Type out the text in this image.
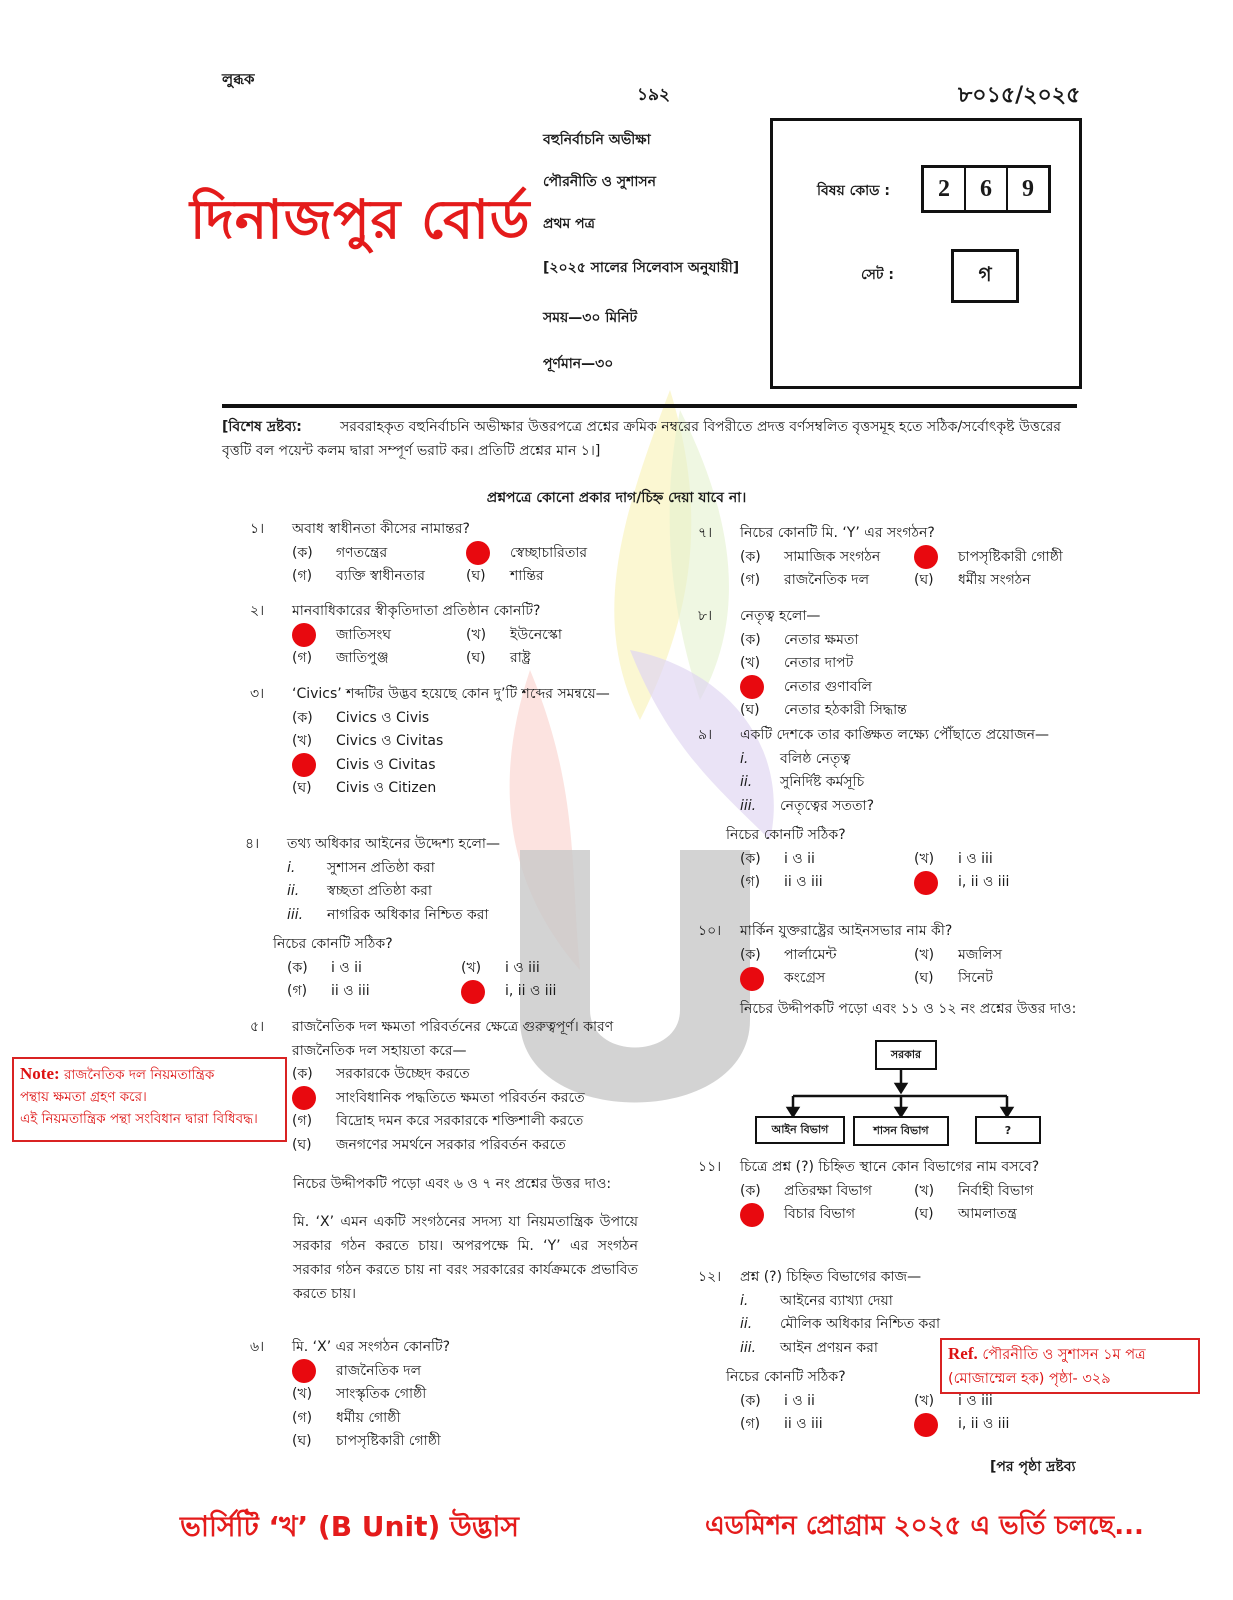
লুব্ধক
১৯২	৮০১৫/২০২৫
দিনাজপুর বোর্ড
বহুনির্বাচনি অভীক্ষা
পৌরনীতি ও সুশাসন
প্রথম পত্র
[২০২৫ সালের সিলেবাস অনুযায়ী]
সময়—৩০ মিনিট
পূর্ণমান—৩০
বিষয় কোড :	2	6	9
সেট :	গ
[বিশেষ দ্রষ্টব্য:	সরবরাহকৃত বহুনির্বাচনি অভীক্ষার উত্তরপত্রে প্রশ্নের ক্রমিক নম্বরের বিপরীতে প্রদত্ত বর্ণসম্বলিত বৃত্তসমূহ হতে সঠিক/সর্বোৎকৃষ্ট উত্তরের বৃত্তটি বল পয়েন্ট কলম দ্বারা সম্পূর্ণ ভরাট কর। প্রতিটি প্রশ্নের মান ১।]
প্রশ্নপত্রে কোনো প্রকার দাগ/চিহ্ন দেয়া যাবে না।
১।	অবাধ স্বাধীনতা কীসের নামান্তর?
(ক)	গণতন্ত্রের	স্বেচ্ছাচারিতার
(গ)	ব্যক্তি স্বাধীনতার	(ঘ)	শান্তির
২।	মানবাধিকারের স্বীকৃতিদাতা প্রতিষ্ঠান কোনটি?
জাতিসংঘ	(খ)	ইউনেস্কো
(গ)	জাতিপুঞ্জ	(ঘ)	রাষ্ট্র
৩।	‘Civics’ শব্দটির উদ্ভব হয়েছে কোন দু’টি শব্দের সমন্বয়ে—
(ক)	Civics ও Civis
(খ)	Civics ও Civitas
Civis ও Civitas
(ঘ)	Civis ও Citizen
৪।	তথ্য অধিকার আইনের উদ্দেশ্য হলো—
i.	সুশাসন প্রতিষ্ঠা করা
ii.	স্বচ্ছতা প্রতিষ্ঠা করা
iii.	নাগরিক অধিকার নিশ্চিত করা
নিচের কোনটি সঠিক?
(ক)	i ও ii	(খ)	i ও iii
(গ)	ii ও iii	i, ii ও iii
৫।	রাজনৈতিক দল ক্ষমতা পরিবর্তনের ক্ষেত্রে গুরুত্বপূর্ণ। কারণ রাজনৈতিক দল সহায়তা করে—
(ক)	সরকারকে উচ্ছেদ করতে
সাংবিধানিক পদ্ধতিতে ক্ষমতা পরিবর্তন করতে
(গ)	বিদ্রোহ দমন করে সরকারকে শক্তিশালী করতে
(ঘ)	জনগণের সমর্থনে সরকার পরিবর্তন করতে
৬।	মি. ‘X’ এর সংগঠন কোনটি?
রাজনৈতিক দল
(খ)	সাংস্কৃতিক গোষ্ঠী
(গ)	ধর্মীয় গোষ্ঠী
(ঘ)	চাপসৃষ্টিকারী গোষ্ঠী
৭।	নিচের কোনটি মি. ‘Y’ এর সংগঠন?
(ক)	সামাজিক সংগঠন	চাপসৃষ্টিকারী গোষ্ঠী
(গ)	রাজনৈতিক দল	(ঘ)	ধর্মীয় সংগঠন
৮।	নেতৃত্ব হলো—
(ক)	নেতার ক্ষমতা
(খ)	নেতার দাপট
নেতার গুণাবলি
(ঘ)	নেতার হঠকারী সিদ্ধান্ত
৯।	একটি দেশকে তার কাঙ্ক্ষিত লক্ষ্যে পৌঁছাতে প্রয়োজন—
i.	বলিষ্ঠ নেতৃত্ব
ii.	সুনির্দিষ্ট কর্মসূচি
iii.	নেতৃত্বের সততা?
নিচের কোনটি সঠিক?
(ক)	i ও ii	(খ)	i ও iii
(গ)	ii ও iii	i, ii ও iii
১০।	মার্কিন যুক্তরাষ্ট্রের আইনসভার নাম কী?
(ক)	পার্লামেন্ট	(খ)	মজলিস
কংগ্রেস	(ঘ)	সিনেট
১১।	চিত্রে প্রশ্ন (?) চিহ্নিত স্থানে কোন বিভাগের নাম বসবে?
(ক)	প্রতিরক্ষা বিভাগ	(খ)	নির্বাহী বিভাগ
বিচার বিভাগ	(ঘ)	আমলাতন্ত্র
১২।	প্রশ্ন (?) চিহ্নিত বিভাগের কাজ—
i.	আইনের ব্যাখ্যা দেয়া
ii.	মৌলিক অধিকার নিশ্চিত করা
iii.	আইন প্রণয়ন করা
নিচের কোনটি সঠিক?
(ক)	i ও ii	(খ)	i ও iii
(গ)	ii ও iii	i, ii ও iii
নিচের উদ্দীপকটি পড়ো এবং ৬ ও ৭ নং প্রশ্নের উত্তর দাও:
মি. ‘X’ এমন একটি সংগঠনের সদস্য যা নিয়মতান্ত্রিক উপায়ে সরকার গঠন করতে চায়। অপরপক্ষে মি. ‘Y’ এর সংগঠন সরকার গঠন করতে চায় না বরং সরকারের কার্যক্রমকে প্রভাবিত করতে চায়।
নিচের উদ্দীপকটি পড়ো এবং ১১ ও ১২ নং প্রশ্নের উত্তর দাও:
সরকার
আইন বিভাগ	শাসন বিভাগ	?
Note: রাজনৈতিক দল নিয়মতান্ত্রিক
পন্থায় ক্ষমতা গ্রহণ করে।
এই নিয়মতান্ত্রিক পন্থা সংবিধান দ্বারা বিধিবদ্ধ।
Ref. পৌরনীতি ও সুশাসন ১ম পত্র
(মোজাম্মেল হক) পৃষ্ঠা- ৩২৯
[পর পৃষ্ঠা দ্রষ্টব্য
ভার্সিটি ‘খ’ (B Unit) উদ্ভাস	এডমিশন প্রোগ্রাম ২০২৫ এ ভর্তি চলছে...
